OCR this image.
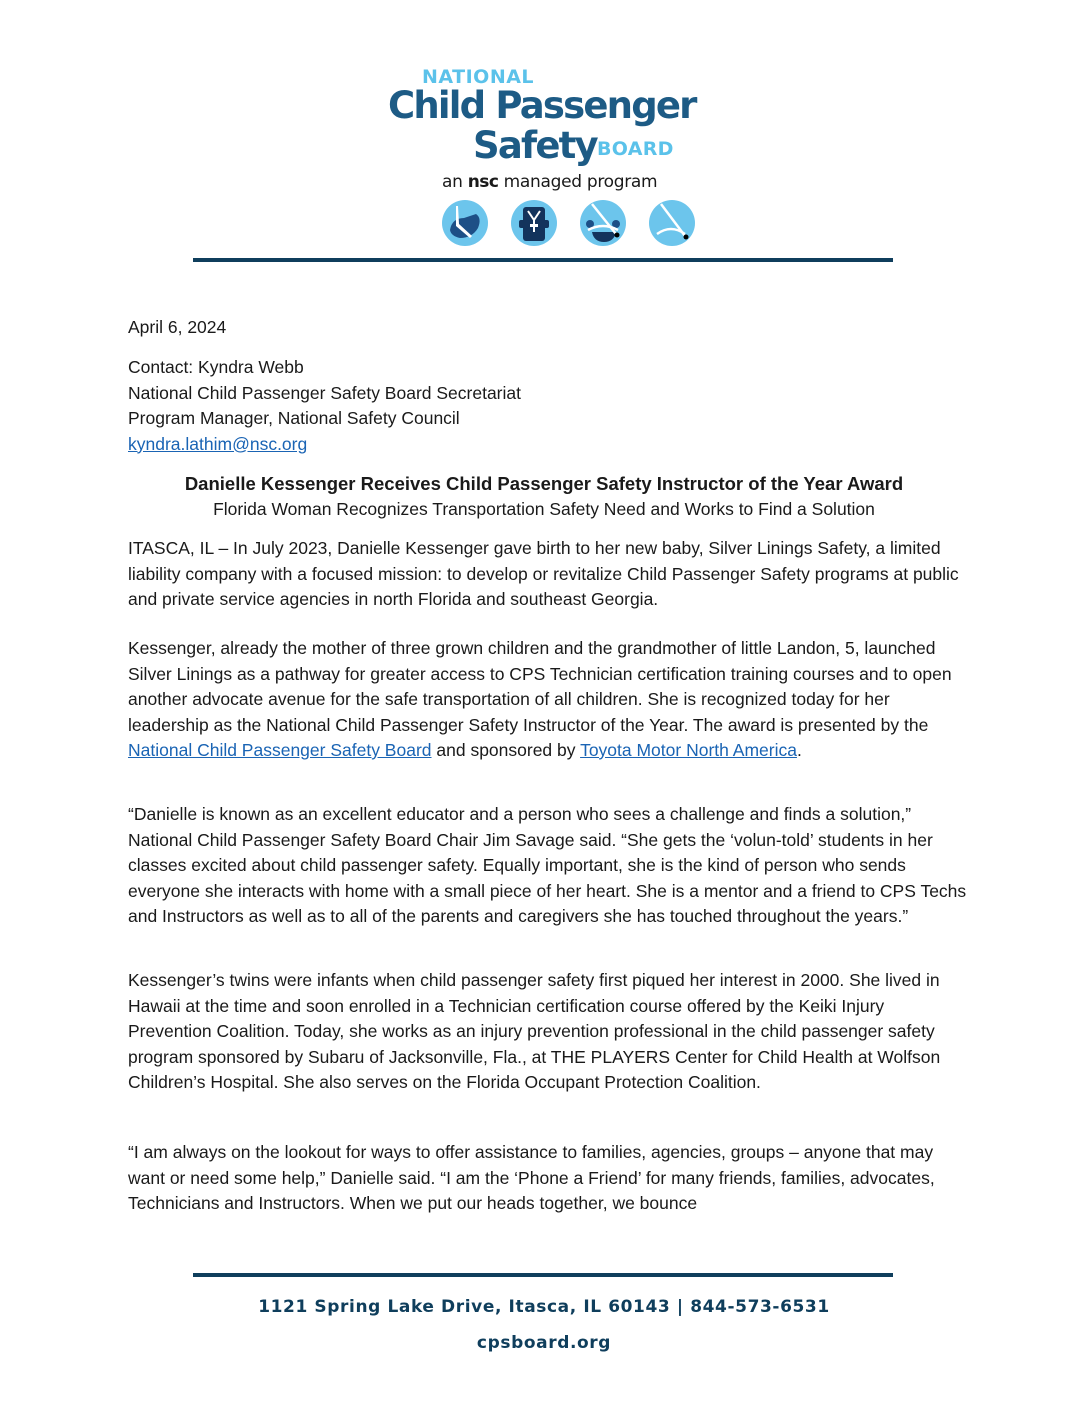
NATIONAL
Child Passenger
Safety BOARD
an nsc managed program
April 6, 2024

Contact: Kyndra Webb

National Child Passenger Safety Board Secretariat

Program Manager, National Safety Council

kyndra.lathim@nsc.org

Danielle Kessenger Receives Child Passenger Safety Instructor of the Year Award
Florida Woman Recognizes Transportation Safety Need and Works to Find a Solution
ITASCA, IL – In July 2023, Danielle Kessenger gave birth to her new baby, Silver Linings Safety, a limited liability company with a focused mission: to develop or revitalize Child Passenger Safety programs at public and private service agencies in north Florida and southeast Georgia.
Kessenger, already the mother of three grown children and the grandmother of little Landon, 5, launched Silver Linings as a pathway for greater access to CPS Technician certification training courses and to open another advocate avenue for the safe transportation of all children. She is recognized today for her leadership as the National Child Passenger Safety Instructor of the Year. The award is presented by the National Child Passenger Safety Board and sponsored by Toyota Motor North America.
“Danielle is known as an excellent educator and a person who sees a challenge and finds a solution,” National Child Passenger Safety Board Chair Jim Savage said. “She gets the ‘volun-told’ students in her classes excited about child passenger safety. Equally important, she is the kind of person who sends everyone she interacts with home with a small piece of her heart. She is a mentor and a friend to CPS Techs and Instructors as well as to all of the parents and caregivers she has touched throughout the years.”
Kessenger’s twins were infants when child passenger safety first piqued her interest in 2000. She lived in Hawaii at the time and soon enrolled in a Technician certification course offered by the Keiki Injury Prevention Coalition. Today, she works as an injury prevention professional in the child passenger safety program sponsored by Subaru of Jacksonville, Fla., at THE PLAYERS Center for Child Health at Wolfson Children’s Hospital. She also serves on the Florida Occupant Protection Coalition.
“I am always on the lookout for ways to offer assistance to families, agencies, groups – anyone that may want or need some help,” Danielle said. “I am the ‘Phone a Friend’ for many friends, families, advocates, Technicians and Instructors. When we put our heads together, we bounce
1121 Spring Lake Drive, Itasca, IL 60143 | 844-573-6531
cpsboard.org
